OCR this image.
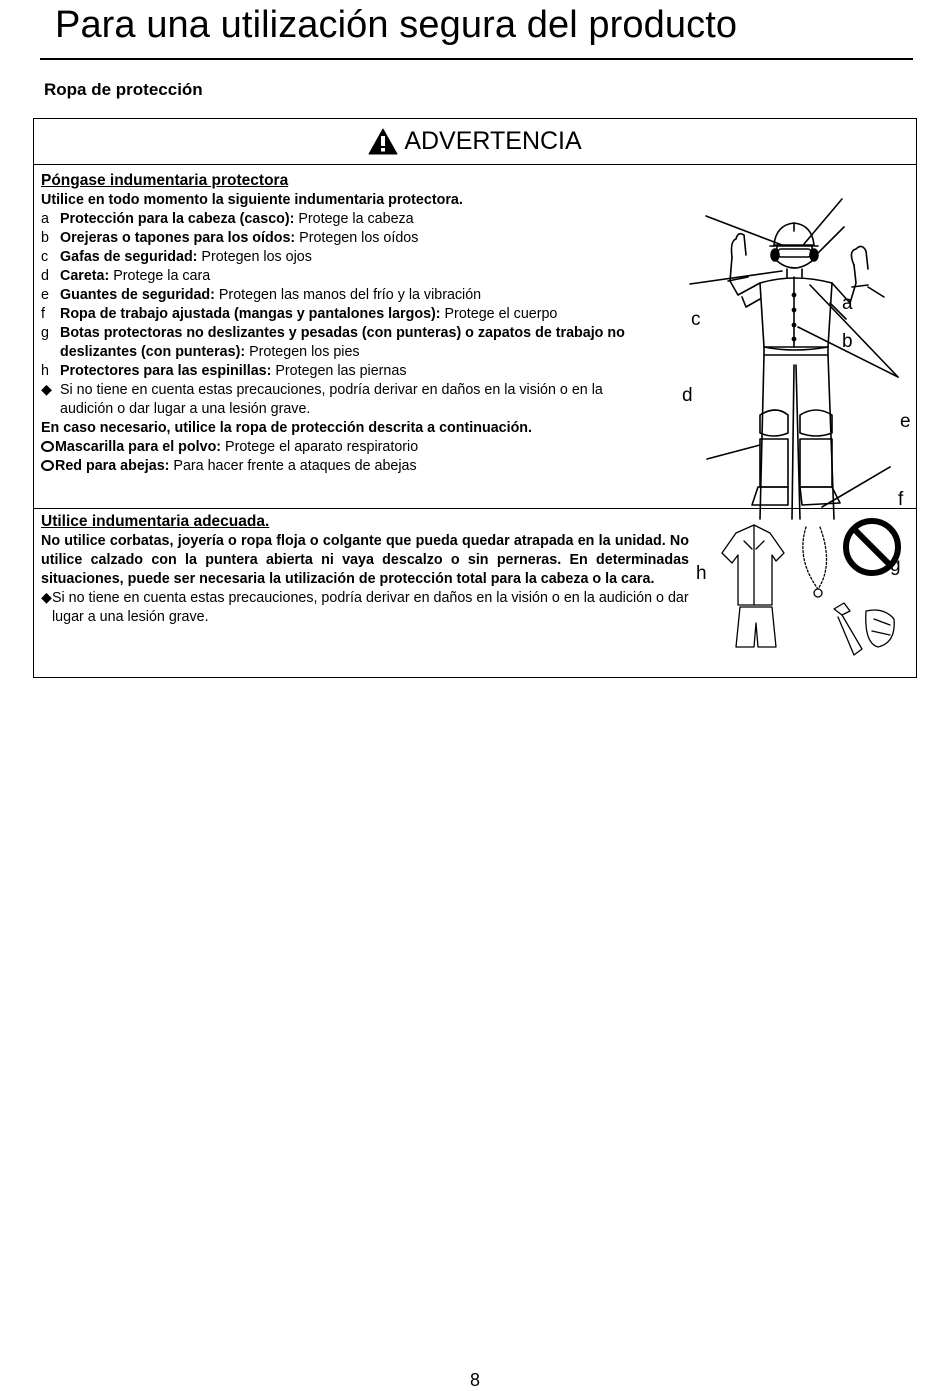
Para una utilización segura del producto
Ropa de protección
ADVERTENCIA
Póngase indumentaria protectora
Utilice en todo momento la siguiente indumentaria protectora.
a Protección para la cabeza (casco): Protege la cabeza
b Orejeras o tapones para los oídos: Protegen los oídos
c Gafas de seguridad: Protegen los ojos
d Careta: Protege la cara
e Guantes de seguridad: Protegen las manos del frío y la vibración
f	Ropa de trabajo ajustada (mangas y pantalones largos): Protege el cuerpo
g Botas protectoras no deslizantes y pesadas (con punteras) o zapatos de trabajo no deslizantes (con punteras): Protegen los pies
h Protectores para las espinillas: Protegen las piernas
◆ Si no tiene en cuenta estas precauciones, podría derivar en daños en la visión o en la audición o dar lugar a una lesión grave.
En caso necesario, utilice la ropa de protección descrita a continuación.
Mascarilla para el polvo: Protege el aparato respiratorio
Red para abejas: Para hacer frente a ataques de abejas
c
a
b
d
e
f
g
h
Utilice indumentaria adecuada.
No utilice corbatas, joyería o ropa floja o colgante que pueda quedar atrapada en la unidad. No utilice calzado con la puntera abierta ni vaya descalzo o sin perneras. En determinadas situaciones, puede ser necesaria la utilización de protección total para la cabeza o la cara.
◆ Si no tiene en cuenta estas precauciones, podría derivar en daños en la visión o en la audición o dar lugar a una lesión grave.
8
